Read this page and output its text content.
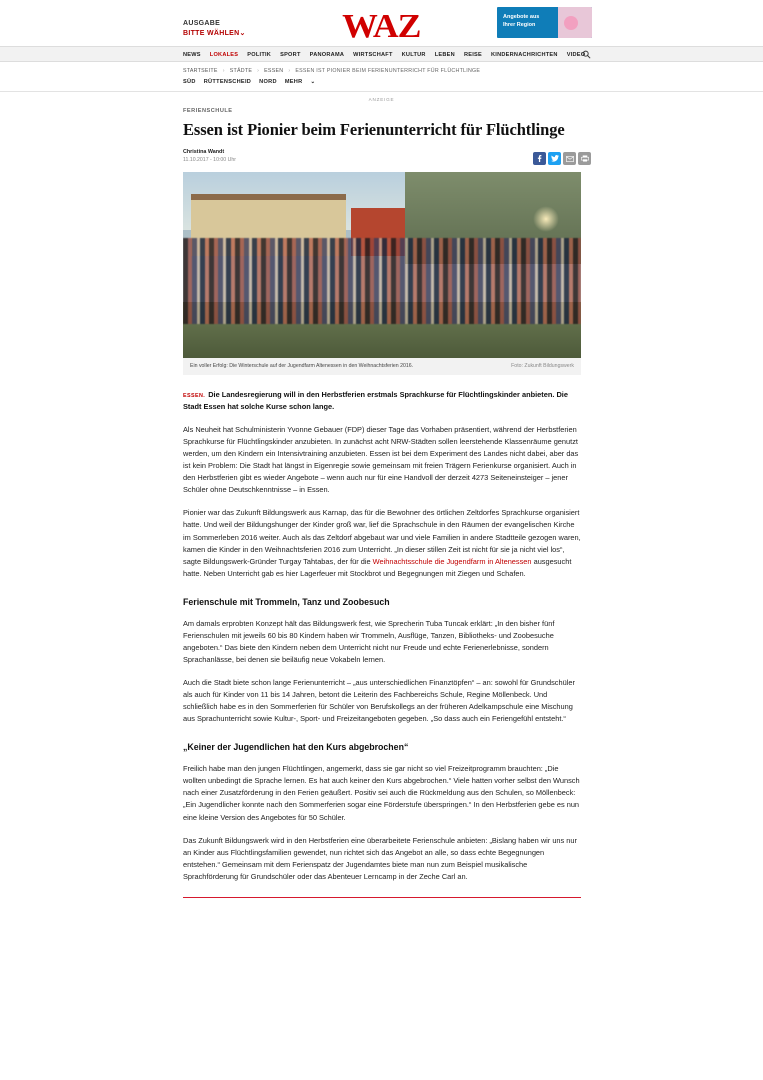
AUSGABE
BITTE WÄHLEN⌄	WAZ	Angebote aus
Ihrer Region
NEWS LOKALES POLITIK SPORT PANORAMA WIRTSCHAFT KULTUR LEBEN REISE KINDERNACHRICHTEN VIDEO
STARTSEITE › STÄDTE › ESSEN › ESSEN IST PIONIER BEIM FERIENUNTERRICHT FÜR FLÜCHTLINGE
SÜD RÜTTENSCHEID NORD MEHR ⌄
ANZEIGE
FERIENSCHULE
Essen ist Pionier beim Ferienunterricht für Flüchtlinge
Christina Wandt
11.10.2017 - 10:00 Uhr
Ein voller Erfolg: Die Winterschule auf der Jugendfarm Altenessen in den Weihnachtsferien 2016.	Foto: Zukunft Bildungswerk

ESSEN. Die Landesregierung will in den Herbstferien erstmals Sprachkurse für Flüchtlingskinder anbieten. Die Stadt Essen hat solche Kurse schon lange.

Als Neuheit hat Schulministerin Yvonne Gebauer (FDP) dieser Tage das Vorhaben präsentiert, während der Herbstferien Sprachkurse für Flüchtlingskinder anzubieten. In zunächst acht NRW-Städten sollen leerstehende Klassenräume genutzt werden, um den Kindern ein Intensivtraining anzubieten. Essen ist bei dem Experiment des Landes nicht dabei, aber das ist kein Problem: Die Stadt hat längst in Eigenregie sowie gemeinsam mit freien Trägern Ferienkurse organisiert. Auch in den Herbstferien gibt es wieder Angebote – wenn auch nur für eine Handvoll der derzeit 4273 Seiteneinsteiger – jener Schüler ohne Deutschkenntnisse – in Essen.

Pionier war das Zukunft Bildungswerk aus Karnap, das für die Bewohner des örtlichen Zeltdorfes Sprachkurse organisiert hatte. Und weil der Bildungshunger der Kinder groß war, lief die Sprachschule in den Räumen der evangelischen Kirche im Sommerleben 2016 weiter. Auch als das Zeltdorf abgebaut war und viele Familien in andere Stadtteile gezogen waren, kamen die Kinder in den Weihnachtsferien 2016 zum Unterricht. „In dieser stillen Zeit ist nicht für sie ja nicht viel los“, sagte Bildungswerk-Gründer Turgay Tahtabas, der für die Weihnachtsschule die Jugendfarm in Altenessen ausgesucht hatte. Neben Unterricht gab es hier Lagerfeuer mit Stockbrot und Begegnungen mit Ziegen und Schafen.

Ferienschule mit Trommeln, Tanz und Zoobesuch

Am damals erprobten Konzept hält das Bildungswerk fest, wie Sprecherin Tuba Tuncak erklärt: „In den bisher fünf Ferienschulen mit jeweils 60 bis 80 Kindern haben wir Trommeln, Ausflüge, Tanzen, Bibliotheks- und Zoobesuche angeboten.“ Das biete den Kindern neben dem Unterricht nicht nur Freude und echte Ferienerlebnisse, sondern Sprachanlässe, bei denen sie beiläufig neue Vokabeln lernen.

Auch die Stadt biete schon lange Ferienunterricht – „aus unterschiedlichen Finanztöpfen“ – an: sowohl für Grundschüler als auch für Kinder von 11 bis 14 Jahren, betont die Leiterin des Fachbereichs Schule, Regine Möllenbeck. Und schließlich habe es in den Sommerferien für Schüler von Berufskollegs an der früheren Adelkampschule eine Mischung aus Sprachunterricht sowie Kultur-, Sport- und Freizeitangeboten gegeben. „So dass auch ein Feriengefühl entsteht.“

„Keiner der Jugendlichen hat den Kurs abgebrochen“

Freilich habe man den jungen Flüchtlingen, angemerkt, dass sie gar nicht so viel Freizeitprogramm brauchten: „Die wollten unbedingt die Sprache lernen. Es hat auch keiner den Kurs abgebrochen.“ Viele hatten vorher selbst den Wunsch nach einer Zusatzförderung in den Ferien geäußert. Positiv sei auch die Rückmeldung aus den Schulen, so Möllenbeck: „Ein Jugendlicher konnte nach den Sommerferien sogar eine Förderstufe überspringen.“ In den Herbstferien gebe es nun eine kleine Version des Angebotes für 50 Schüler.

Das Zukunft Bildungswerk wird in den Herbstferien eine überarbeitete Ferienschule anbieten: „Bislang haben wir uns nur an Kinder aus Flüchtlingsfamilien gewendet, nun richtet sich das Angebot an alle, so dass echte Begegnungen entstehen.“ Gemeinsam mit dem Ferienspatz der Jugendamtes biete man nun zum Beispiel musikalische Sprachförderung für Grundschüler oder das Abenteuer Lerncamp in der Zeche Carl an.
